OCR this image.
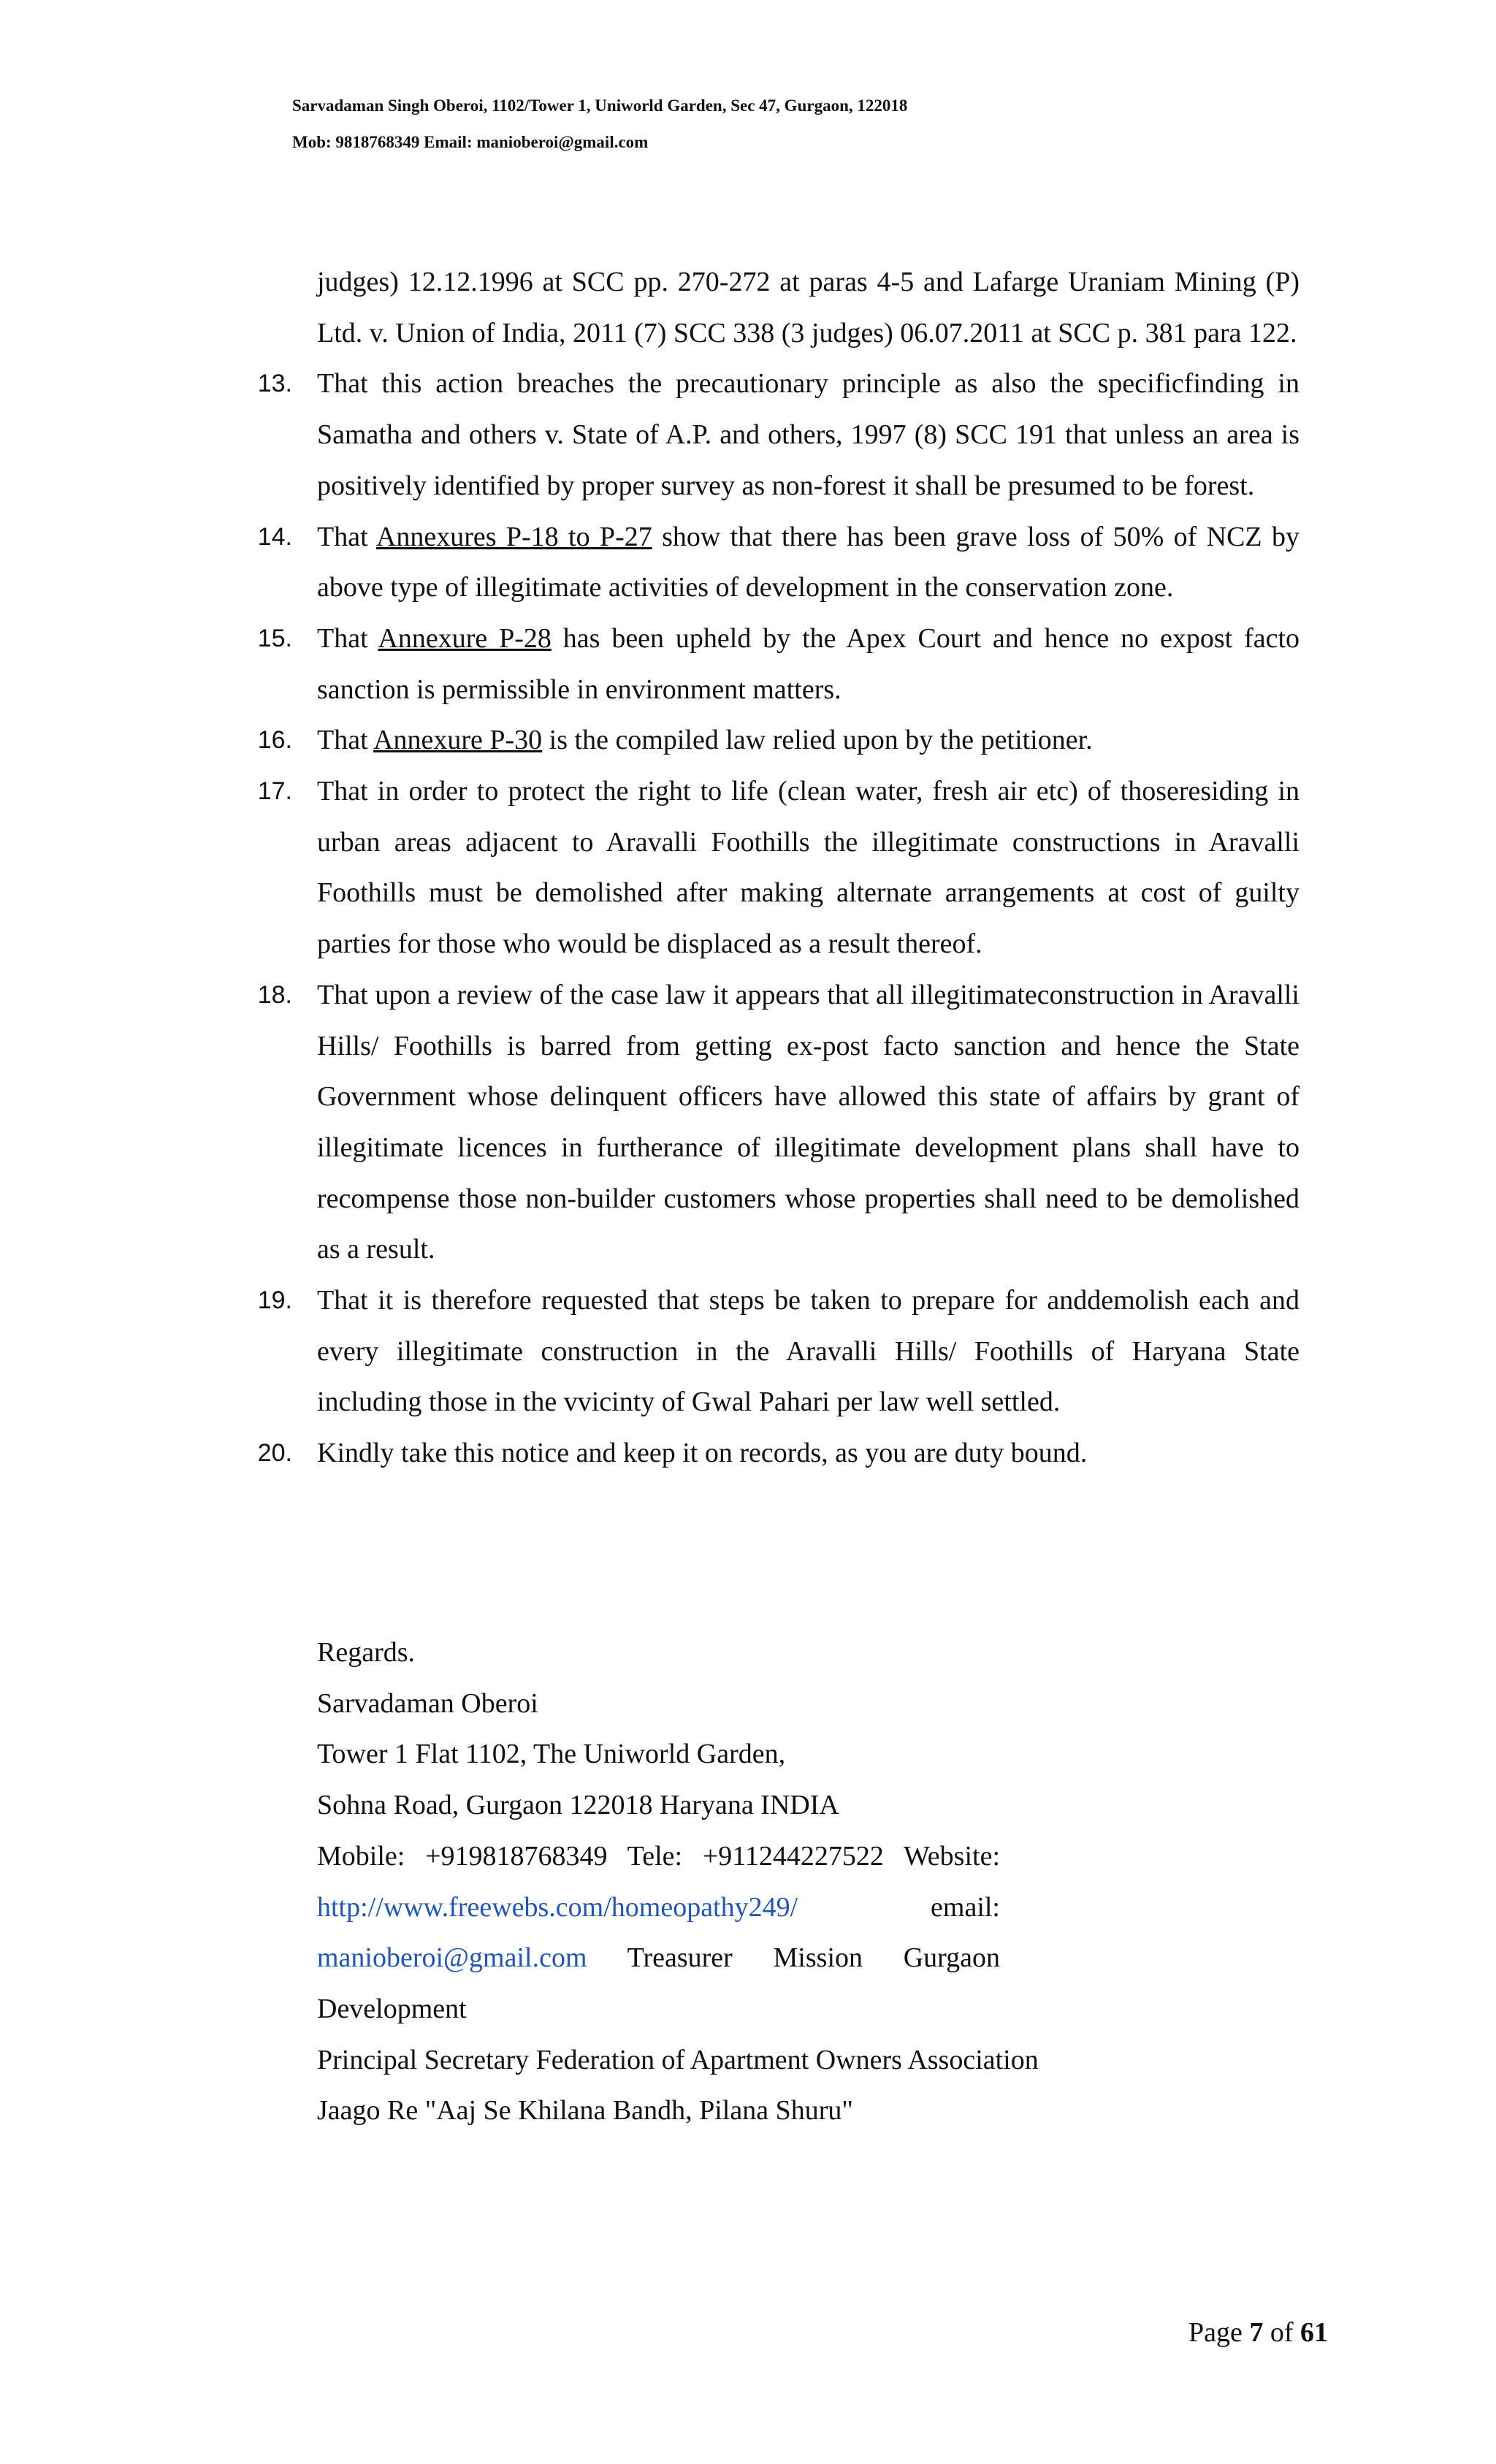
Sarvadaman Singh Oberoi, 1102/Tower 1, Uniworld Garden, Sec 47, Gurgaon, 122018
Mob: 9818768349 Email: manioberoi@gmail.com

judges) 12.12.1996 at SCC pp. 270-272 at paras 4-5 and Lafarge Uraniam Mining (P) Ltd. v. Union of India, 2011 (7) SCC 338 (3 judges) 06.07.2011 at SCC p. 381 para 122.

13. That this action breaches the precautionary principle as also the specificfinding in Samatha and others v. State of A.P. and others, 1997 (8) SCC 191 that unless an area is positively identified by proper survey as non-forest it shall be presumed to be forest.
14. That Annexures P-18 to P-27 show that there has been grave loss of 50% of NCZ by above type of illegitimate activities of development in the conservation zone.
15. That Annexure P-28 has been upheld by the Apex Court and hence no expost facto sanction is permissible in environment matters.
16. That Annexure P-30 is the compiled law relied upon by the petitioner.
17. That in order to protect the right to life (clean water, fresh air etc) of thoseresiding in urban areas adjacent to Aravalli Foothills the illegitimate constructions in Aravalli Foothills must be demolished after making alternate arrangements at cost of guilty parties for those who would be displaced as a result thereof.
18. That upon a review of the case law it appears that all illegitimateconstruction in Aravalli Hills/ Foothills is barred from getting ex-post facto sanction and hence the State Government whose delinquent officers have allowed this state of affairs by grant of illegitimate licences in furtherance of illegitimate development plans shall have to recompense those non-builder customers whose properties shall need to be demolished as a result.
19. That it is therefore requested that steps be taken to prepare for anddemolish each and every illegitimate construction in the Aravalli Hills/ Foothills of Haryana State including those in the vvicinty of Gwal Pahari per law well settled.
20. Kindly take this notice and keep it on records, as you are duty bound.
Regards.
Sarvadaman Oberoi
Tower 1 Flat 1102, The Uniworld Garden,
Sohna Road, Gurgaon 122018 Haryana INDIA
Mobile: +919818768349 Tele: +911244227522 Website:
http://www.freewebs.com/homeopathy249/	email:
manioberoi@gmail.com Treasurer Mission Gurgaon
Development
Principal Secretary Federation of Apartment Owners Association
Jaago Re "Aaj Se Khilana Bandh, Pilana Shuru"
Page 7 of 61
